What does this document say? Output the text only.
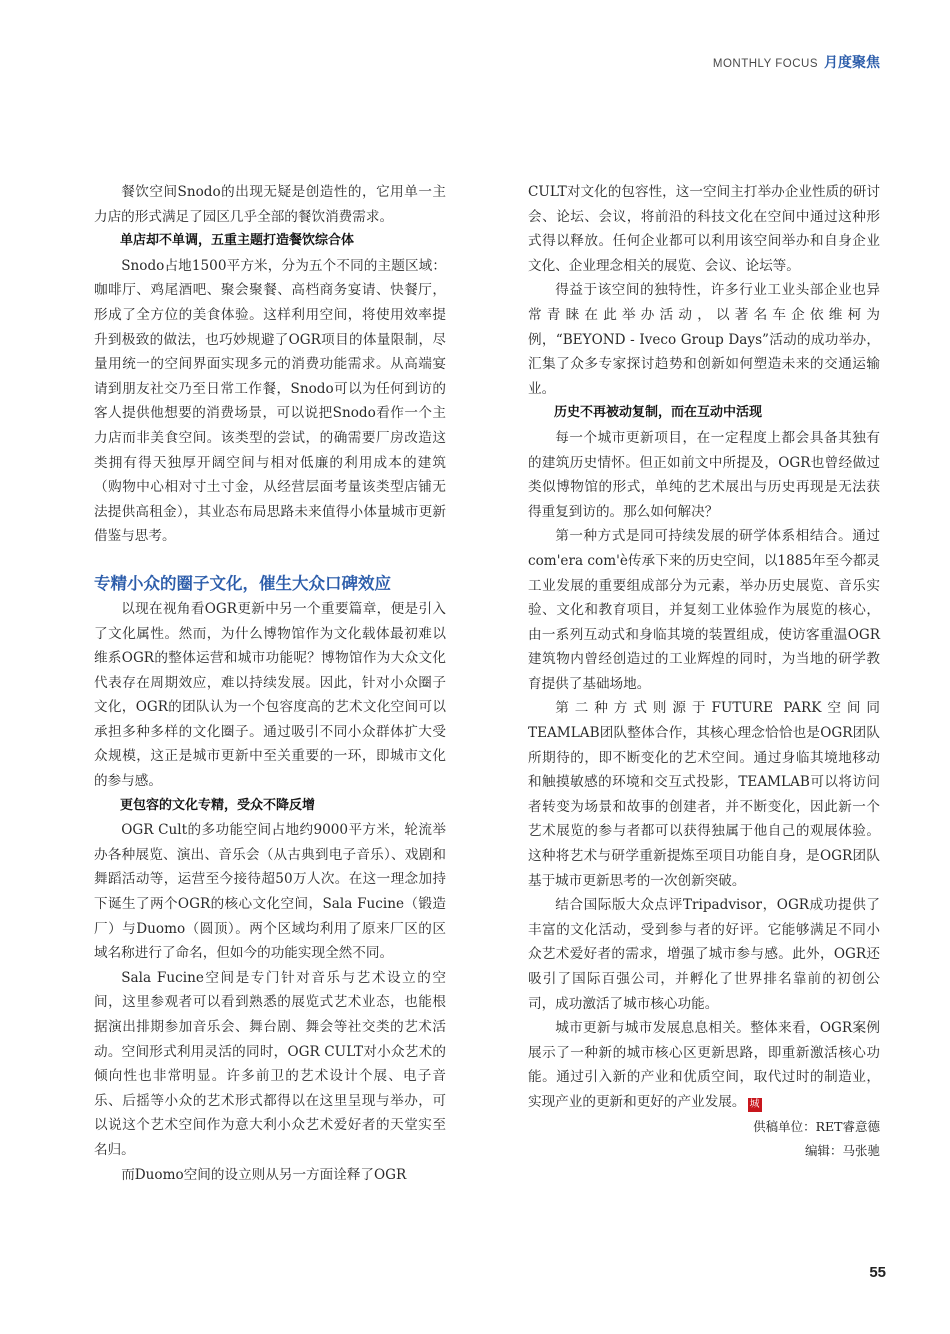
MONTHLY FOCUS 月度聚焦

餐饮空间Snodo的出现无疑是创造性的，它用单一主力店的形式满足了园区几乎全部的餐饮消费需求。

单店却不单调，五重主题打造餐饮综合体

Snodo占地1500平方米，分为五个不同的主题区域：咖啡厅、鸡尾酒吧、聚会聚餐、高档商务宴请、快餐厅，形成了全方位的美食体验。这样利用空间，将使用效率提升到极致的做法，也巧妙规避了OGR项目的体量限制，尽量用统一的空间界面实现多元的消费功能需求。从高端宴请到朋友社交乃至日常工作餐，Snodo可以为任何到访的客人提供他想要的消费场景，可以说把Snodo看作一个主力店而非美食空间。该类型的尝试，的确需要厂房改造这类拥有得天独厚开阔空间与相对低廉的利用成本的建筑（购物中心相对寸土寸金，从经营层面考量该类型店铺无法提供高租金），其业态布局思路未来值得小体量城市更新借鉴与思考。

专精小众的圈子文化，催生大众口碑效应

以现在视角看OGR更新中另一个重要篇章，便是引入了文化属性。然而，为什么博物馆作为文化载体最初难以维系OGR的整体运营和城市功能呢？博物馆作为大众文化代表存在周期效应，难以持续发展。因此，针对小众圈子文化，OGR的团队认为一个包容度高的艺术文化空间可以承担多种多样的文化圈子。通过吸引不同小众群体扩大受众规模，这正是城市更新中至关重要的一环，即城市文化的参与感。

更包容的文化专精，受众不降反增

OGR Cult的多功能空间占地约9000平方米，轮流举办各种展览、演出、音乐会（从古典到电子音乐）、戏剧和舞蹈活动等，运营至今接待超50万人次。在这一理念加持下诞生了两个OGR的核心文化空间，Sala Fucine（锻造厂）与Duomo（圆顶）。两个区域均利用了原来厂区的区域名称进行了命名，但如今的功能实现全然不同。

Sala Fucine空间是专门针对音乐与艺术设立的空间，这里参观者可以看到熟悉的展览式艺术业态，也能根据演出排期参加音乐会、舞台剧、舞会等社交类的艺术活动。空间形式利用灵活的同时，OGR CULT对小众艺术的倾向性也非常明显。许多前卫的艺术设计个展、电子音乐、后摇等小众的艺术形式都得以在这里呈现与举办，可以说这个艺术空间作为意大利小众艺术爱好者的天堂实至名归。

而Duomo空间的设立则从另一方面诠释了OGR

CULT对文化的包容性，这一空间主打举办企业性质的研讨会、论坛、会议，将前沿的科技文化在空间中通过这种形式得以释放。任何企业都可以利用该空间举办和自身企业文化、企业理念相关的展览、会议、论坛等。

得益于该空间的独特性，许多行业工业头部企业也异常青睐在此举办活动，以著名车企依维柯为例，“BEYOND - Iveco Group Days”活动的成功举办，汇集了众多专家探讨趋势和创新如何塑造未来的交通运输业。

历史不再被动复制，而在互动中活现

每一个城市更新项目，在一定程度上都会具备其独有的建筑历史情怀。但正如前文中所提及，OGR也曾经做过类似博物馆的形式，单纯的艺术展出与历史再现是无法获得重复到访的。那么如何解决？

第一种方式是同可持续发展的研学体系相结合。通过com'era com'è传承下来的历史空间，以1885年至今都灵工业发展的重要组成部分为元素，举办历史展览、音乐实验、文化和教育项目，并复刻工业体验作为展览的核心，由一系列互动式和身临其境的装置组成，使访客重温OGR建筑物内曾经创造过的工业辉煌的同时，为当地的研学教育提供了基础场地。

第二种方式则源于FUTURE PARK空间同TEAMLAB团队整体合作，其核心理念恰恰也是OGR团队所期待的，即不断变化的艺术空间。通过身临其境地移动和触摸敏感的环境和交互式投影，TEAMLAB可以将访问者转变为场景和故事的创建者，并不断变化，因此新一个艺术展览的参与者都可以获得独属于他自己的观展体验。这种将艺术与研学重新提炼至项目功能自身，是OGR团队基于城市更新思考的一次创新突破。

结合国际版大众点评Tripadvisor，OGR成功提供了丰富的文化活动，受到参与者的好评。它能够满足不同小众艺术爱好者的需求，增强了城市参与感。此外，OGR还吸引了国际百强公司，并孵化了世界排名靠前的初创公司，成功激活了城市核心功能。

城市更新与城市发展息息相关。整体来看，OGR案例展示了一种新的城市核心区更新思路，即重新激活核心功能。通过引入新的产业和优质空间，取代过时的制造业，实现产业的更新和更好的产业发展。 城

供稿单位：RET睿意德
编辑：马张驰
55
